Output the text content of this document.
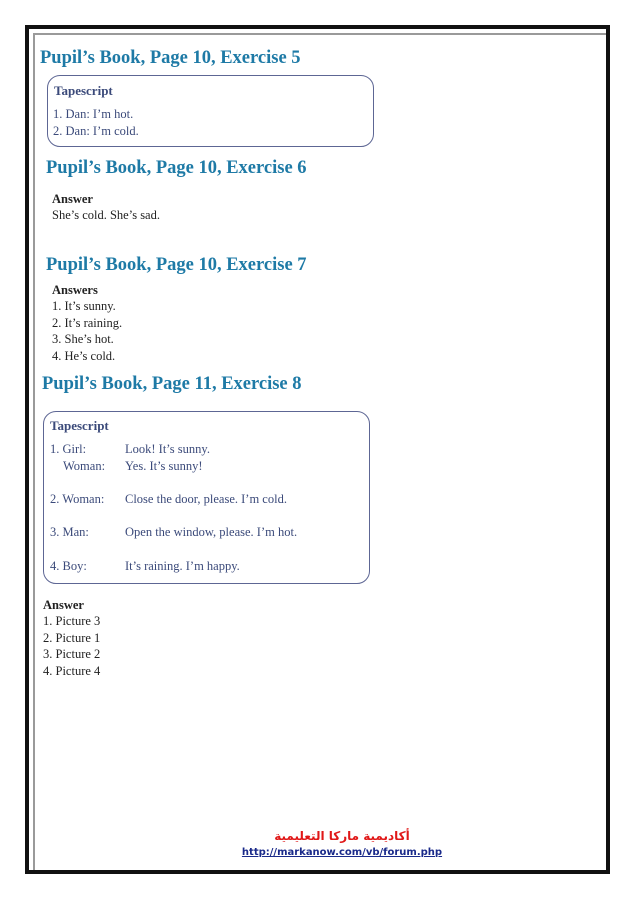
Pupil’s Book, Page 10, Exercise 5
Tapescript
1. Dan: I’m hot.
2. Dan: I’m cold.
Pupil’s Book, Page 10, Exercise 6
Answer
She’s cold. She’s sad.
Pupil’s Book, Page 10, Exercise 7
Answers
1. It’s sunny.
2. It’s raining.
3. She’s hot.
4. He’s cold.
Pupil’s Book, Page 11, Exercise 8
Tapescript
1. Girl:	Look! It’s sunny.
Woman: Yes. It’s sunny!
2. Woman: Close the door, please. I’m cold.
3. Man:	Open the window, please. I’m hot.
4. Boy:	It’s raining. I’m happy.
Answer
1. Picture 3
2. Picture 1
3. Picture 2
4. Picture 4
أكاديمية ماركا التعليمية
http://markanow.com/vb/forum.php
